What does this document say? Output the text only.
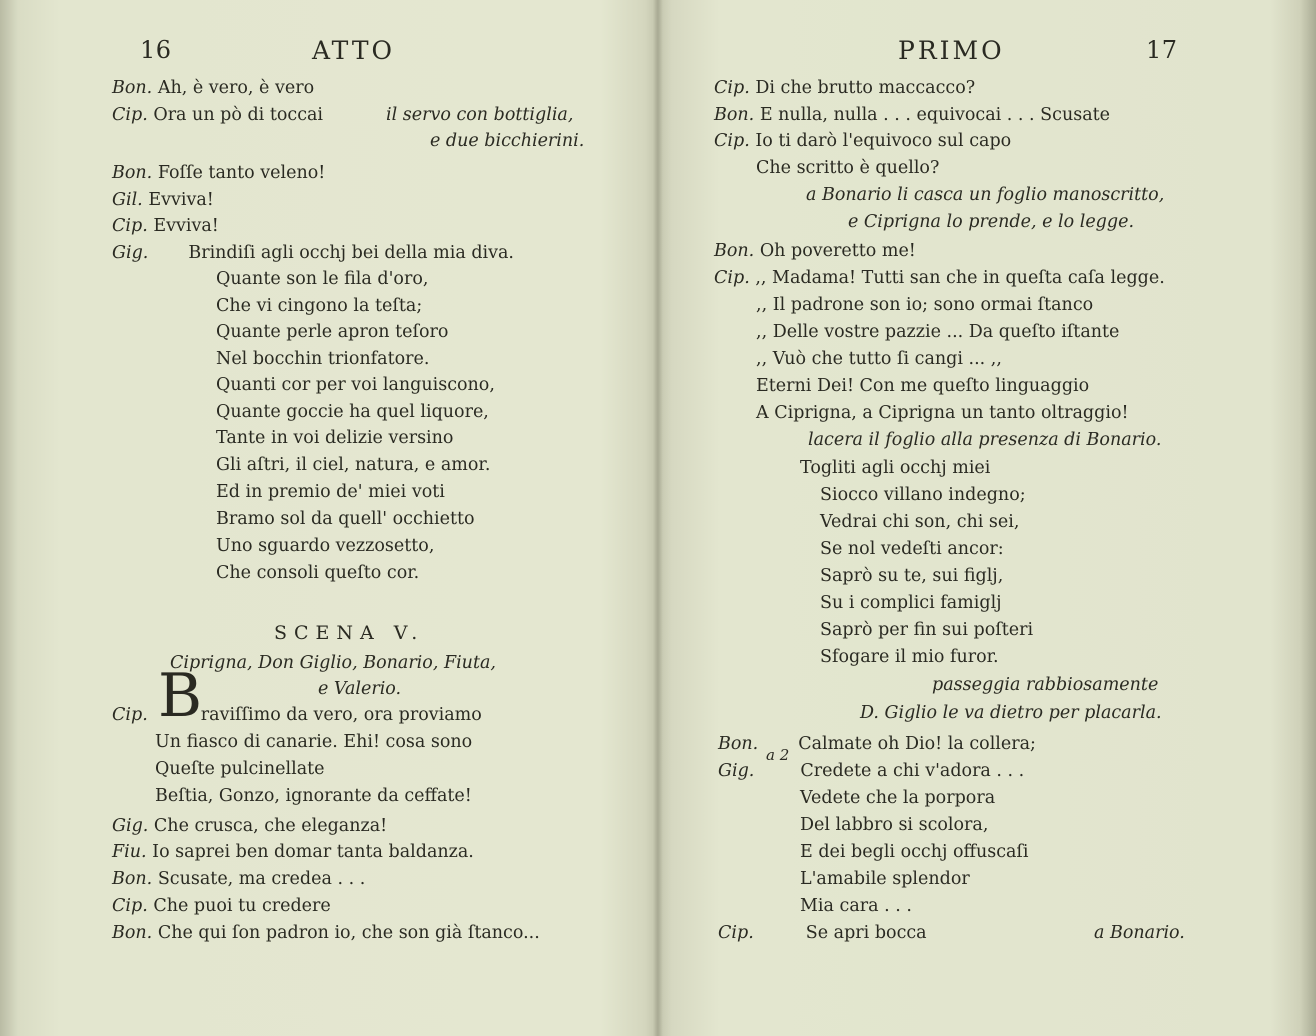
16	ATTO
Bon. Ah, è vero, è vero
Cip. Ora un pò di toccai	il servo con bottiglia,
e due bicchierini.
Bon. Foſſe tanto veleno!
Gil. Evviva!
Cip. Evviva!
Gig. Brindiſi agli occhj bei della mia diva.
Quante son le fila d'oro,
Che vi cingono la teſta;
Quante perle apron teſoro
Nel bocchin trionfatore.
Quanti cor per voi languiscono,
Quante goccie ha quel liquore,
Tante in voi delizie versino
Gli aſtri, il ciel, natura, e amor.
Ed in premio de' miei voti
Bramo sol da quell' occhietto
Uno sguardo vezzosetto,
Che consoli queſto cor.
SCENA V.
Ciprigna, Don Giglio, Bonario, Fiuta,
e Valerio.
B
Cip.	raviſſimo da vero, ora proviamo
Un fiasco di canarie. Ehi! cosa sono
Queſte pulcinellate
Beſtia, Gonzo, ignorante da ceffate!
Gig. Che crusca, che eleganza!
Fiu. Io saprei ben domar tanta baldanza.
Bon. Scusate, ma credea . . .
Cip. Che puoi tu credere
Bon. Che qui ſon padron io, che son già ſtanco...
PRIMO	17
Cip. Di che brutto maccacco?
Bon. E nulla, nulla . . . equivocai . . . Scusate
Cip. Io ti darò l'equivoco sul capo
Che scritto è quello?
a Bonario li casca un foglio manoscritto,
e Ciprigna lo prende, e lo legge.
Bon. Oh poveretto me!
Cip. ,, Madama! Tutti san che in queſta caſa legge.
,, Il padrone son io; sono ormai ſtanco
,, Delle vostre pazzie ... Da queſto iſtante
,, Vuò che tutto ſi cangi ... ,,
Eterni Dei! Con me queſto linguaggio
A Ciprigna, a Ciprigna un tanto oltraggio!
lacera il foglio alla presenza di Bonario.
Togliti agli occhj miei
Siocco villano indegno;
Vedrai chi son, chi sei,
Se nol vedeſti ancor:
Saprò su te, sui figlj,
Su i complici famiglj
Saprò per fin sui poſteri
Sfogare il mio furor.
passeggia rabbiosamente
D. Giglio le va dietro per placarla.
Bon. Calmate oh Dio! la collera;
a 2
Gig.	Credete a chi v'adora . . .
Vedete che la porpora
Del labbro si scolora,
E dei begli occhj offuscaſi
L'amabile splendor
Mia cara . . .
Cip.	Se apri bocca	a Bonario.
